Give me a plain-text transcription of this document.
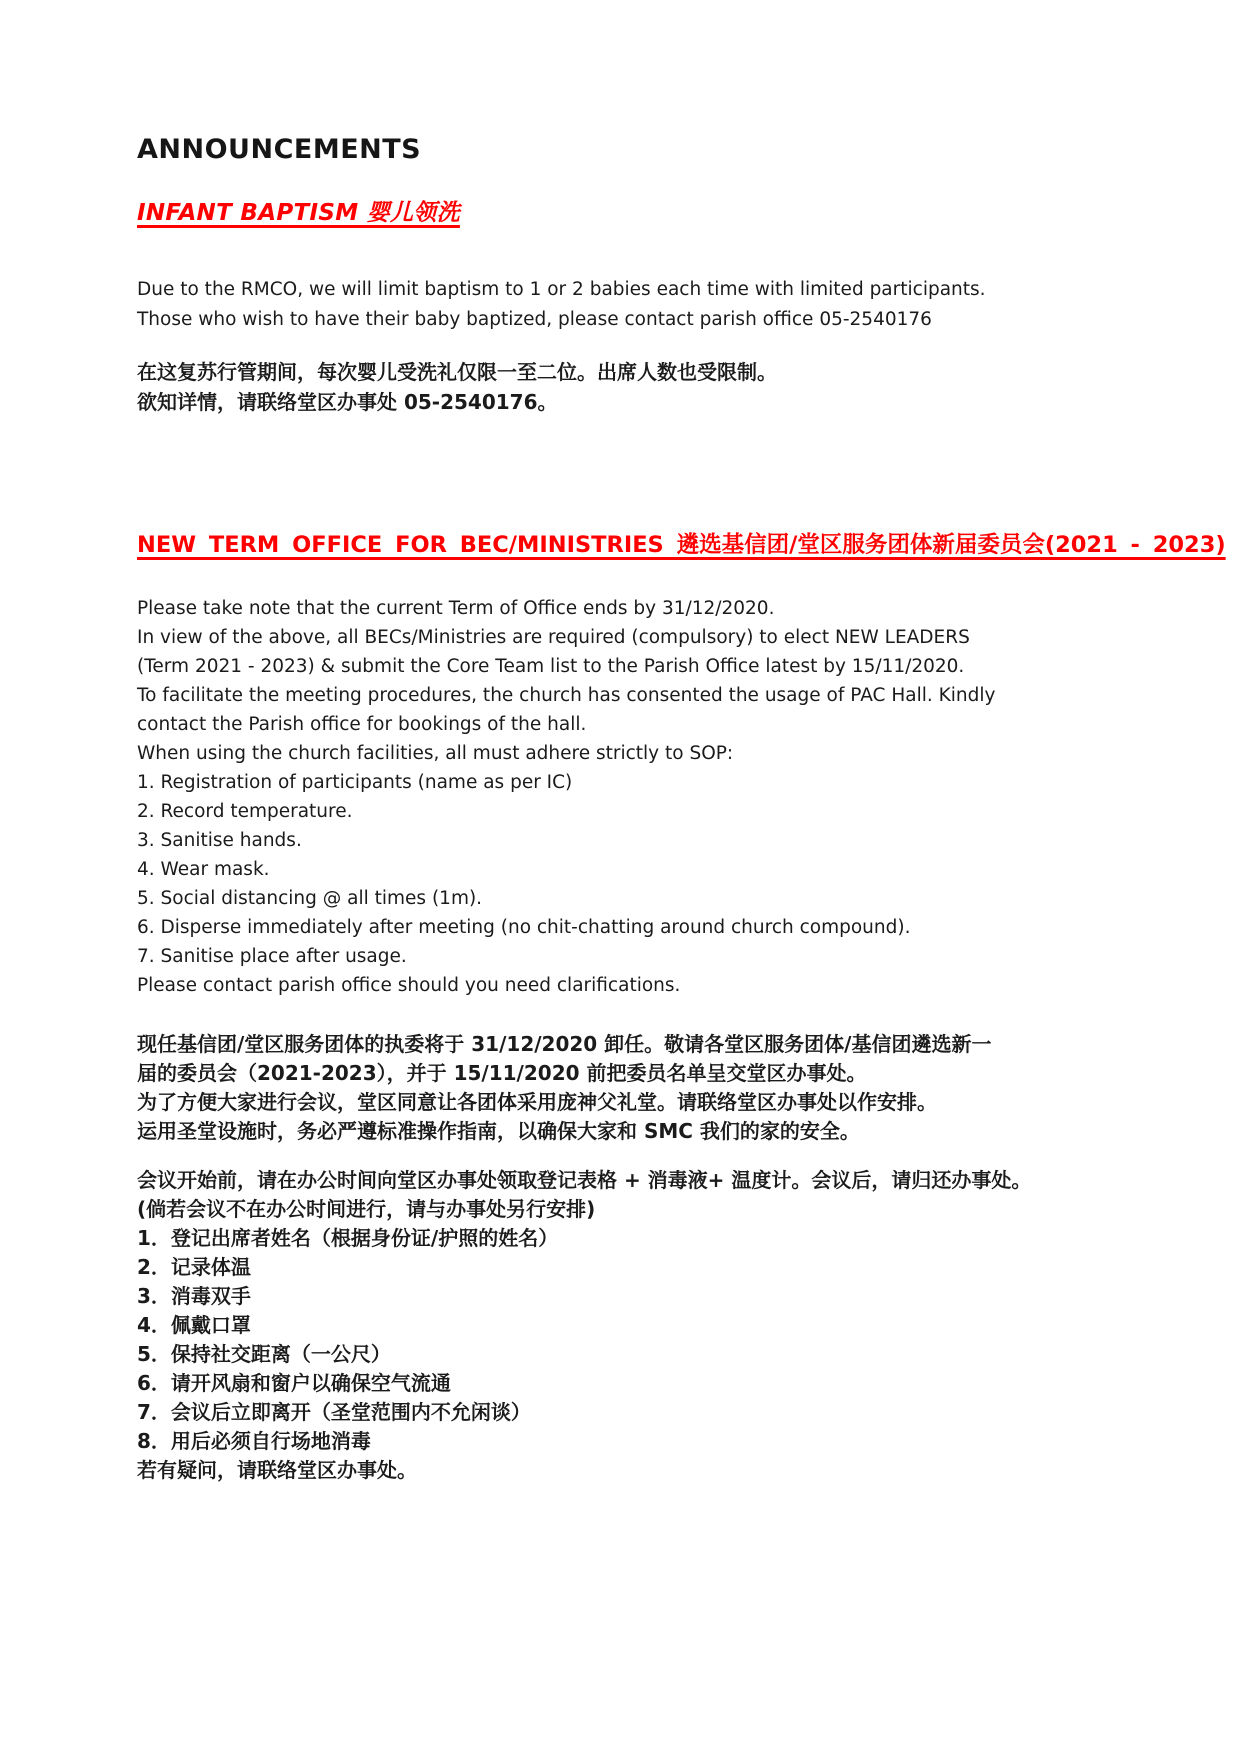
ANNOUNCEMENTS
INFANT BAPTISM 婴儿领洗
Due to the RMCO, we will limit baptism to 1 or 2 babies each time with limited participants.
Those who wish to have their baby baptized, please contact parish office 05-2540176
在这复苏行管期间，每次婴儿受洗礼仅限一至二位。出席人数也受限制。
欲知详情，请联络堂区办事处 05-2540176。
NEW TERM OFFICE FOR BEC/MINISTRIES 遴选基信团/堂区服务团体新届委员会(2021 - 2023)
Please take note that the current Term of Office ends by 31/12/2020.
In view of the above, all BECs/Ministries are required (compulsory) to elect NEW LEADERS
(Term 2021 - 2023) & submit the Core Team list to the Parish Office latest by 15/11/2020.
To facilitate the meeting procedures, the church has consented the usage of PAC Hall. Kindly
contact the Parish office for bookings of the hall.
When using the church facilities, all must adhere strictly to SOP:
1. Registration of participants (name as per IC)
2. Record temperature.
3. Sanitise hands.
4. Wear mask.
5. Social distancing @ all times (1m).
6. Disperse immediately after meeting (no chit-chatting around church compound).
7. Sanitise place after usage.
Please contact parish office should you need clarifications.
现任基信团/堂区服务团体的执委将于 31/12/2020 卸任。敬请各堂区服务团体/基信团遴选新一
届的委员会（2021-2023），并于 15/11/2020 前把委员名单呈交堂区办事处。
为了方便大家进行会议，堂区同意让各团体采用庞神父礼堂。请联络堂区办事处以作安排。
运用圣堂设施时，务必严遵标准操作指南，以确保大家和 SMC 我们的家的安全。
会议开始前，请在办公时间向堂区办事处领取登记表格 + 消毒液+ 温度计。会议后，请归还办事处。
(倘若会议不在办公时间进行，请与办事处另行安排)
1．登记出席者姓名（根据身份证/护照的姓名）
2．记录体温
3．消毒双手
4．佩戴口罩
5．保持社交距离（一公尺）
6．请开风扇和窗户以确保空气流通
7．会议后立即离开（圣堂范围内不允闲谈）
8．用后必须自行场地消毒
若有疑问，请联络堂区办事处。
